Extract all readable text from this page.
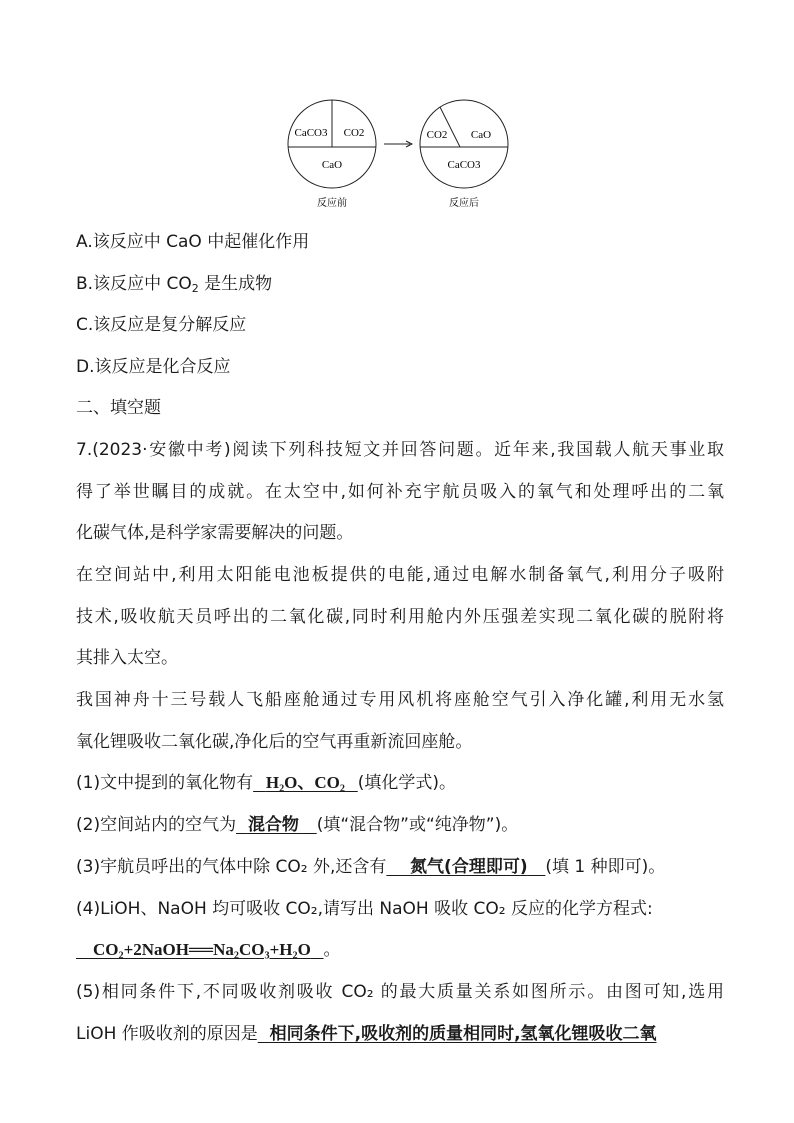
CaCO3 CO2
CaO
反应前
CO2 CaO
CaCO3
反应后
A.该反应中 CaO 中起催化作用
B.该反应中 $CO_2$ 是生成物
C.该反应是复分解反应
D.该反应是化合反应
二、填空题
7.(2023·安徽中考)阅读下列科技短文并回答问题。近年来,我国载人航天事业取
得了举世瞩目的成就。在太空中,如何补充宇航员吸入的氧气和处理呼出的二氧
化碳气体,是科学家需要解决的问题。
在空间站中,利用太阳能电池板提供的电能,通过电解水制备氧气,利用分子吸附
技术,吸收航天员呼出的二氧化碳,同时利用舱内外压强差实现二氧化碳的脱附将
其排入太空。
我国神舟十三号载人飞船座舱通过专用风机将座舱空气引入净化罐,利用无水氢
氧化锂吸收二氧化碳,净化后的空气再重新流回座舱。
(1)文中提到的氧化物有 H₂O、CO₂ (填化学式)。
(2)空间站内的空气为 混合物 (填“混合物”或“纯净物”)。
(3)宇航员呼出的气体中除 CO₂ 外,还含有 氮气(合理即可) (填 1 种即可)。
(4)LiOH、NaOH 均可吸收 CO₂,请写出 NaOH 吸收 CO₂ 反应的化学方程式:
CO₂+2NaOH══Na₂CO₃+H₂O 。
(5)相同条件下,不同吸收剂吸收 CO₂ 的最大质量关系如图所示。由图可知,选用
LiOH 作吸收剂的原因是 相同条件下,吸收剂的质量相同时,氢氧化锂吸收二氧
